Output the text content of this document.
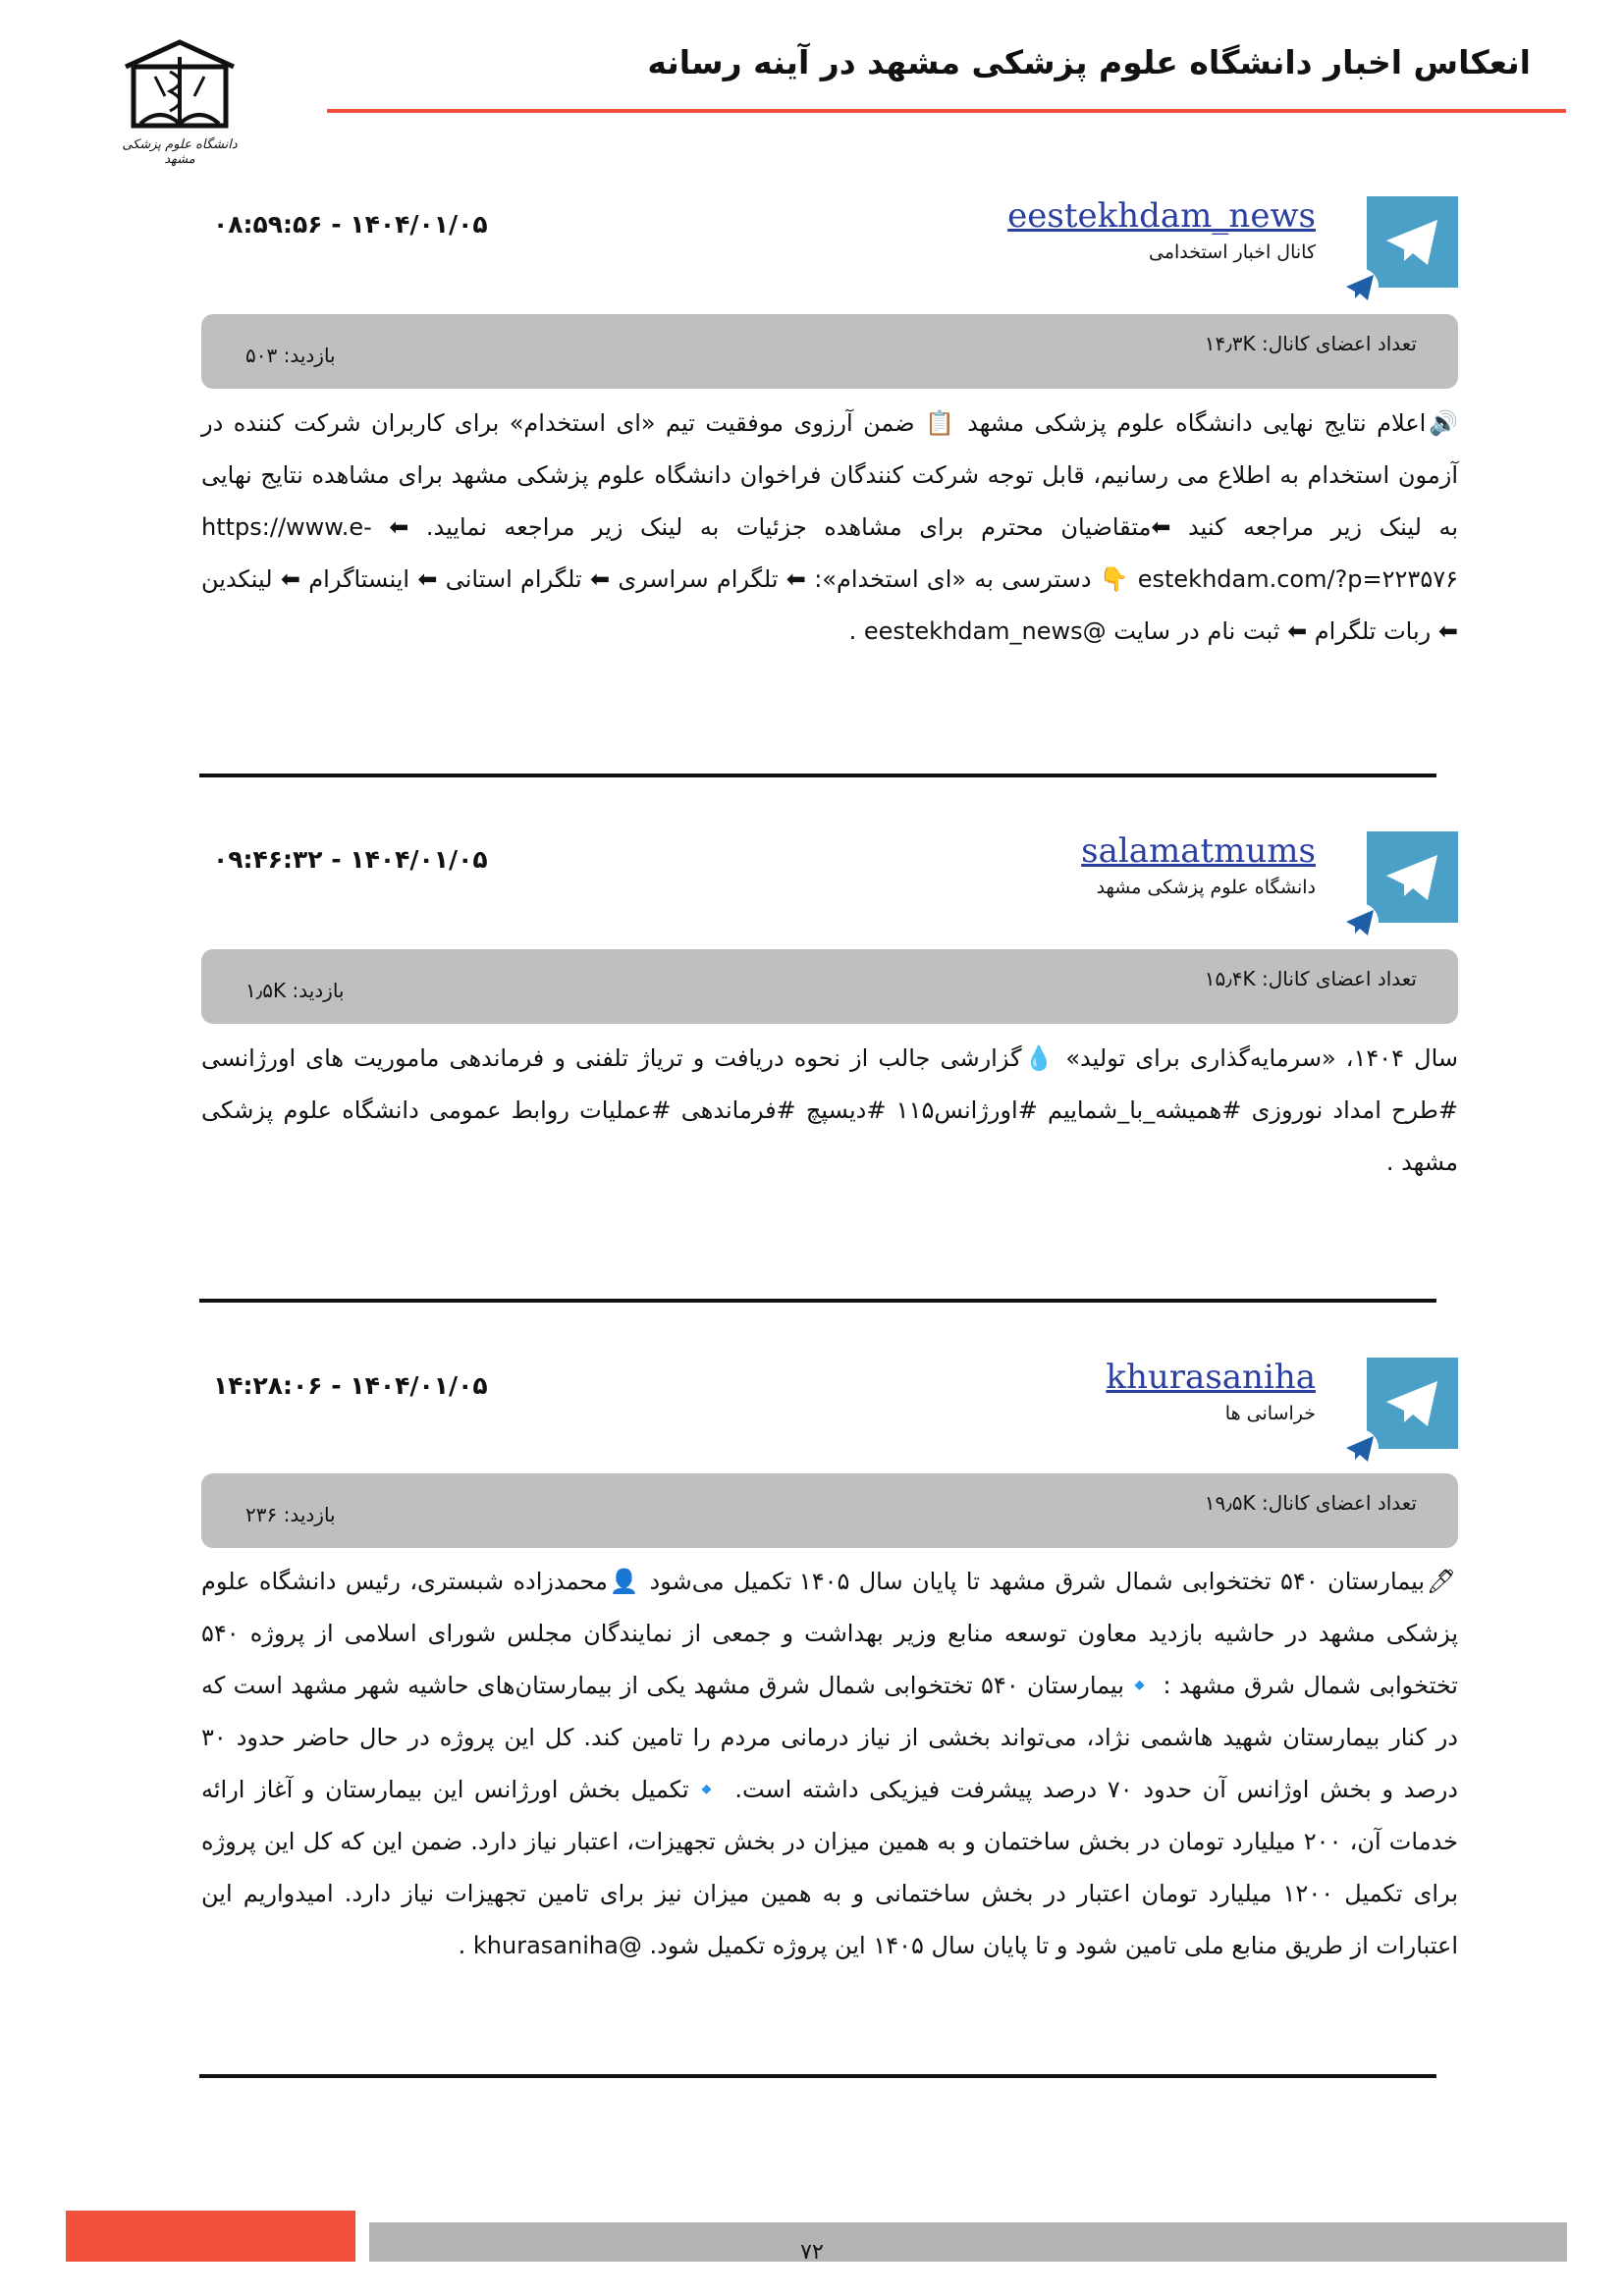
دانشگاه علوم پزشکی مشهد
انعکاس اخبار دانشگاه علوم پزشکی مشهد در آینه رسانه
eestekhdam_news
کانال اخبار استخدامی
۱۴۰۴/۰۱/۰۵ - ۰۸:۵۹:۵۶
تعداد اعضای کانال: ۱۴٫۳K
بازدید: ۵۰۳
🔊اعلام نتایج نهایی دانشگاه علوم پزشکی مشهد 📋 ضمن آرزوی موفقیت تیم «ای استخدام» برای کاربران شرکت کننده در آزمون استخدام به اطلاع می رسانیم، قابل توجه شرکت کنندگان فراخوان دانشگاه علوم پزشکی مشهد برای مشاهده نتایج نهایی به لینک زیر مراجعه کنید ⬅متقاضیان محترم برای مشاهده جزئیات به لینک زیر مراجعه نمایید. ⬅ https://www.e-estekhdam.com/?p=۲۲۳۵۷۶ 👇 دسترسی به «ای استخدام»: ⬅ تلگرام سراسری ⬅ تلگرام استانی ⬅ اینستاگرام ⬅ لینکدین ⬅ ربات تلگرام ⬅ ثبت نام در سایت @eestekhdam_news .
salamatmums
دانشگاه علوم پزشکی مشهد
۱۴۰۴/۰۱/۰۵ - ۰۹:۴۶:۳۲
تعداد اعضای کانال: ۱۵٫۴K
بازدید: ۱٫۵K
سال ۱۴۰۴، «سرمایه‌گذاری برای تولید» 💧گزارشی جالب از نحوه دریافت و تریاژ تلفنی و فرماندهی ماموریت های اورژانسی #طرح امداد نوروزی #همیشه_با_شماییم #اورژانس۱۱۵ #دیسپچ #فرماندهی #عملیات روابط عمومی دانشگاه علوم پزشکی مشهد .
khurasaniha
خراسانی ها
۱۴۰۴/۰۱/۰۵ - ۱۴:۲۸:۰۶
تعداد اعضای کانال: ۱۹٫۵K
بازدید: ۲۳۶
🖊بیمارستان ۵۴۰ تختخوابی شمال شرق مشهد تا پایان سال ۱۴۰۵ تکمیل می‌شود 👤محمدزاده شبستری، رئیس دانشگاه علوم پزشکی مشهد در حاشیه بازدید معاون توسعه منابع وزیر بهداشت و جمعی از نمایندگان مجلس شورای اسلامی از پروژه ۵۴۰ تختخوابی شمال شرق مشهد : 🔹بیمارستان ۵۴۰ تختخوابی شمال شرق مشهد یکی از بیمارستان‌های حاشیه شهر مشهد است که در کنار بیمارستان شهید هاشمی نژاد، می‌تواند بخشی از نیاز درمانی مردم را تامین کند. کل این پروژه در حال حاضر حدود ۳۰ درصد و بخش اوژانس آن حدود ۷۰ درصد پیشرفت فیزیکی داشته است. 🔹تکمیل بخش اورژانس این بیمارستان و آغاز ارائه خدمات آن، ۲۰۰ میلیارد تومان در بخش ساختمان و به همین میزان در بخش تجهیزات، اعتبار نیاز دارد. ضمن این که کل این پروژه برای تکمیل ۱۲۰۰ میلیارد تومان اعتبار در بخش ساختمانی و به همین میزان نیز برای تامین تجهیزات نیاز دارد. امیدواریم این اعتبارات از طریق منابع ملی تامین شود و تا پایان سال ۱۴۰۵ این پروژه تکمیل شود. @khurasaniha .
۷۲
